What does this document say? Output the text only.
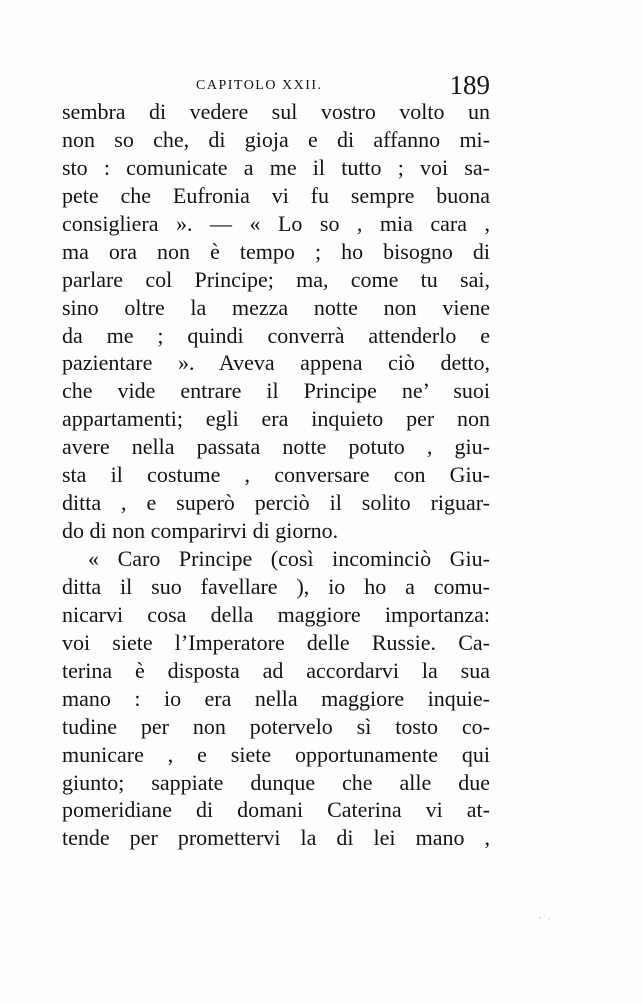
CAPITOLO XXII.	189
sembra di vedere sul vostro volto un
non so che, di gioja e di affanno mi-
sto : comunicate a me il tutto ; voi sa-
pete che Eufronia vi fu sempre buona
consigliera ». — « Lo so , mia cara ,
ma ora non è tempo ; ho bisogno di
parlare col Principe; ma, come tu sai,
sino oltre la mezza notte non viene
da me ; quindi converrà attenderlo e
pazientare ». Aveva appena ciò detto,
che vide entrare il Principe ne’ suoi
appartamenti; egli era inquieto per non
avere nella passata notte potuto , giu-
sta il costume , conversare con Giu-
ditta , e superò perciò il solito riguar-
do di non comparirvi di giorno.
« Caro Principe (così incominciò Giu-
ditta il suo favellare ), io ho a comu-
nicarvi cosa della maggiore importanza:
voi siete l’Imperatore delle Russie. Ca-
terina è disposta ad accordarvi la sua
mano : io era nella maggiore inquie-
tudine per non potervelo sì tosto co-
municare , e siete opportunamente qui
giunto; sappiate dunque che alle due
pomeridiane di domani Caterina vi at-
tende per promettervi la di lei mano ,
